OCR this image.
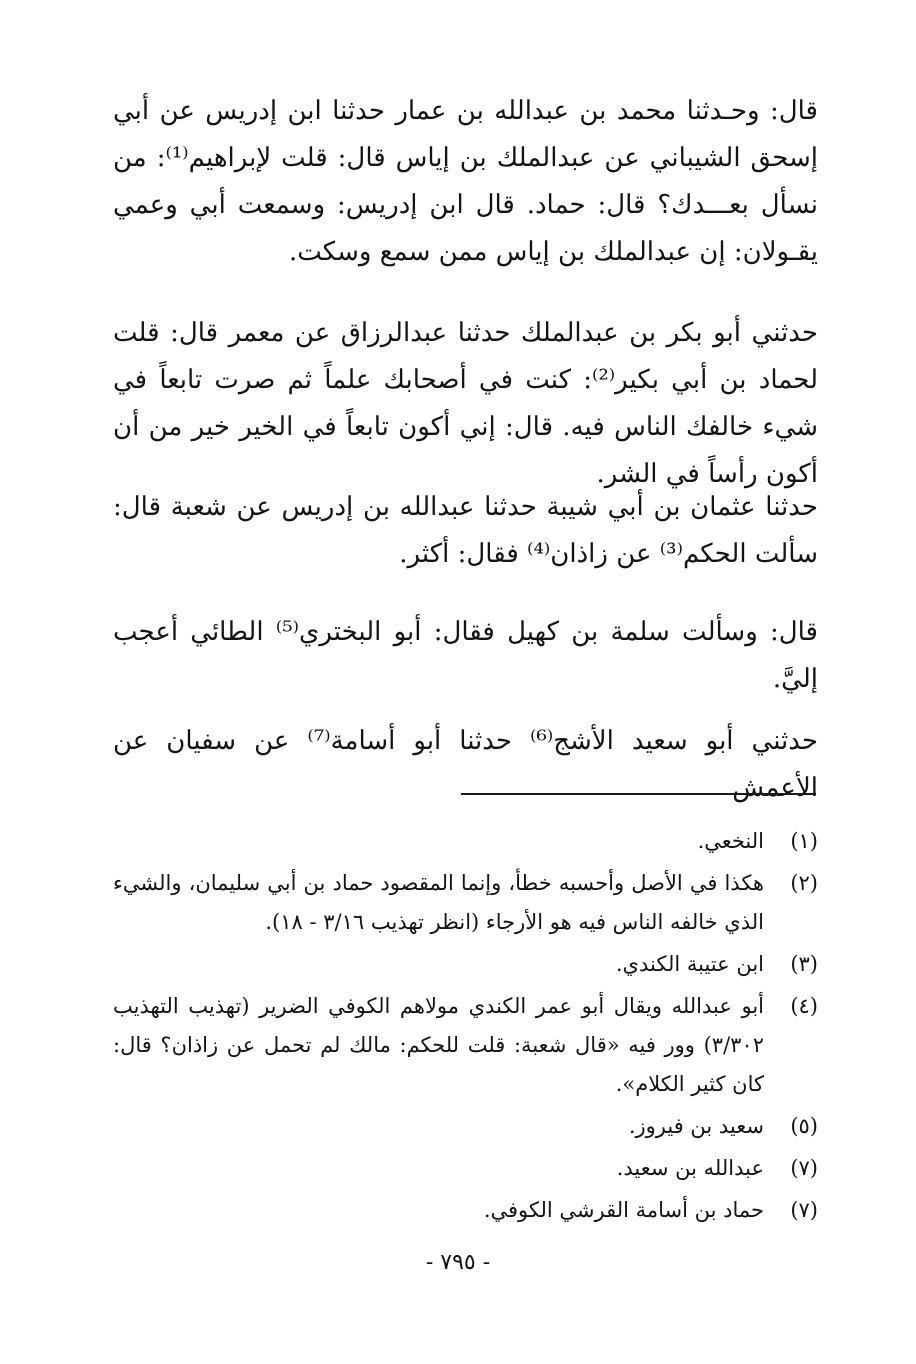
قال: وحـدثنا محمد بن عبدالله بن عمار حدثنا ابن إدريس عن أبي إسحق الشيباني عن عبدالملك بن إياس قال: قلت لإبراهيم⁽¹⁾: من نسأل بعـــدك؟ قال: حماد. قال ابن إدريس: وسمعت أبي وعمي يقـولان: إن عبدالملك بن إياس ممن سمع وسكت.

حدثني أبو بكر بن عبدالملك حدثنا عبدالرزاق عن معمر قال: قلت لحماد بن أبي بكير⁽²⁾: كنت في أصحابك علماً ثم صرت تابعاً في شيء خالفك الناس فيه. قال: إني أكون تابعاً في الخير خير من أن أكون رأساً في الشر.

حدثنا عثمان بن أبي شيبة حدثنا عبدالله بن إدريس عن شعبة قال: سألت الحكم⁽³⁾ عن زاذان⁽⁴⁾ فقال: أكثر.

قال: وسألت سلمة بن كهيل فقال: أبو البختري⁽⁵⁾ الطائي أعجب إليَّ.

حدثني أبو سعيد الأشج⁽⁶⁾ حدثنا أبو أسامة⁽⁷⁾ عن سفيان عن الأعمش

(١)
النخعي.
(٢)
هكذا في الأصل وأحسبه خطأ، وإنما المقصود حماد بن أبي سليمان، والشيء الذي خالفه الناس فيه هو الأرجاء (انظر تهذيب ٣/١٦ - ١٨).
(٣)
ابن عتيبة الكندي.
(٤)
أبو عبدالله ويقال أبو عمر الكندي مولاهم الكوفي الضرير (تهذيب التهذيب ٣/٣٠٢) وور فيه «قال شعبة: قلت للحكم: مالك لم تحمل عن زاذان؟ قال: كان كثير الكلام».
(٥)
سعيد بن فيروز.
(٧)
عبدالله بن سعيد.
(٧)
حماد بن أسامة القرشي الكوفي.
- ٧٩٥ -
